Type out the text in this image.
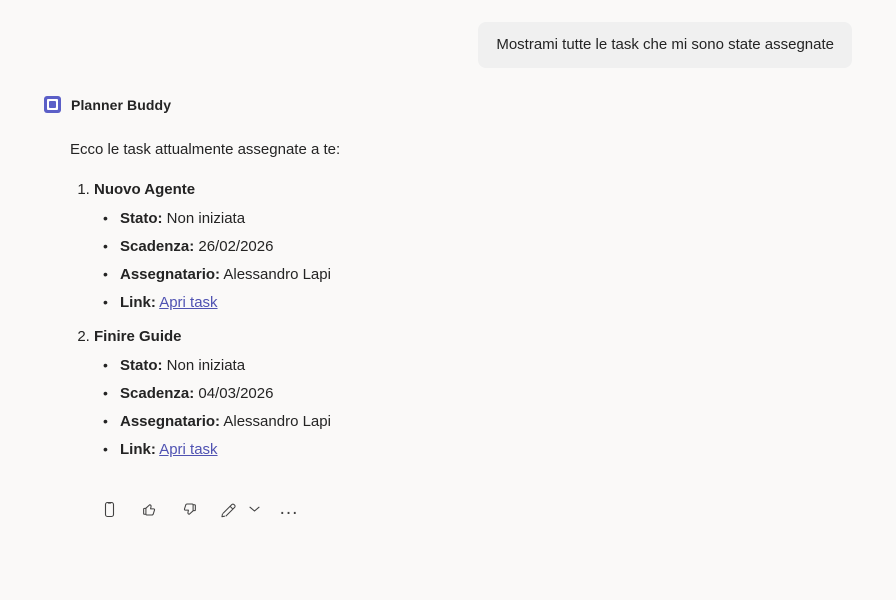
Mostrami tutte le task che mi sono state assegnate
Planner Buddy

Ecco le task attualmente assegnate a te:

1. Nuovo Agente
• Stato: Non iniziata
• Scadenza: 26/02/2026
• Assegnatario: Alessandro Lapi
• Link: Apri task
2. Finire Guide
• Stato: Non iniziata
• Scadenza: 04/03/2026
• Assegnatario: Alessandro Lapi
• Link: Apri task
...
